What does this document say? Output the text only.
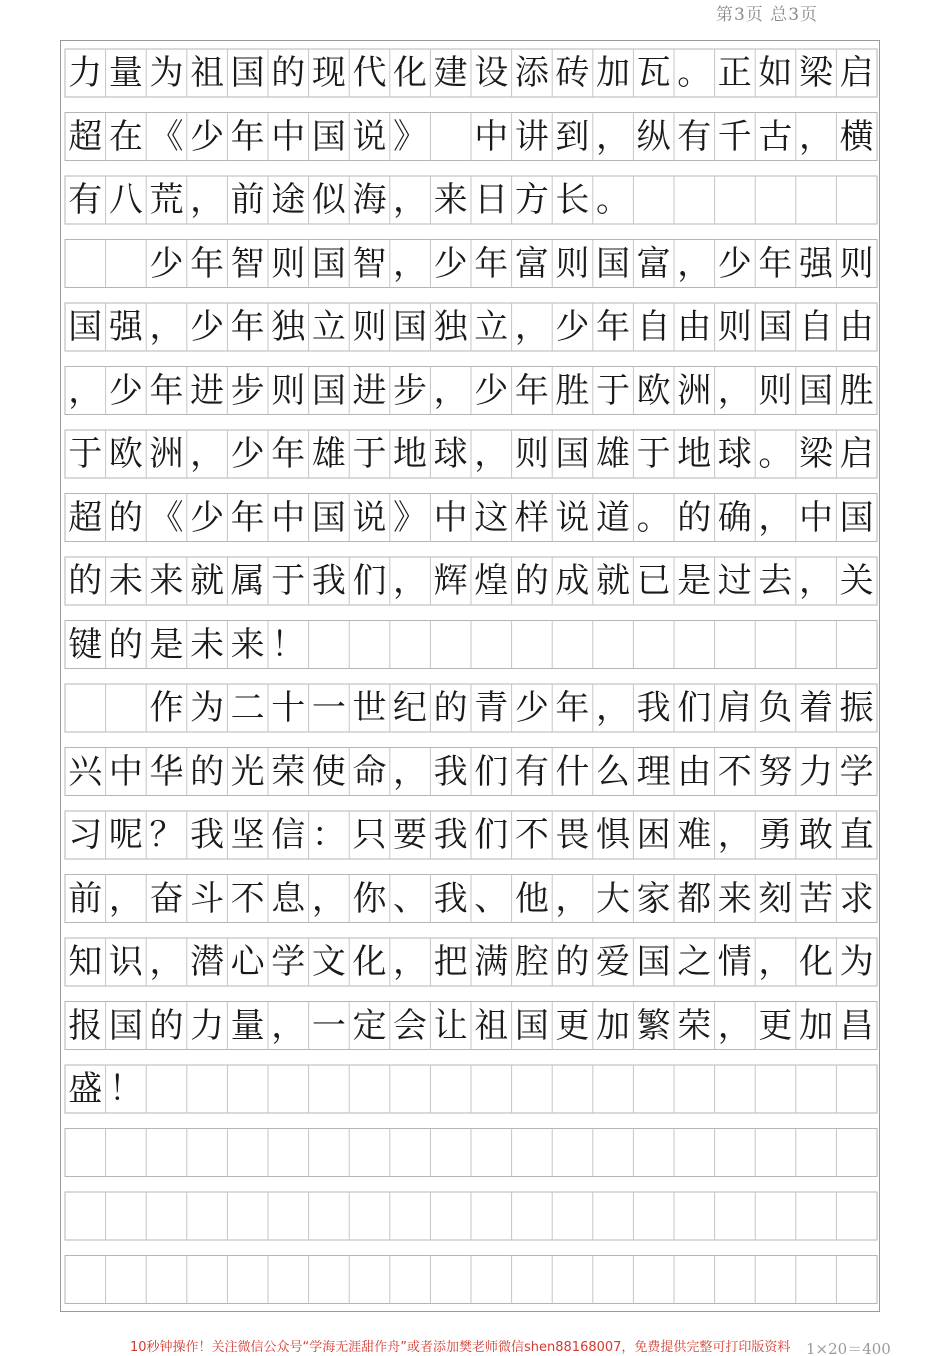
第3页 总3页
力 量 为 祖 国 的 现 代 化 建 设 添 砖 加 瓦 。 正 如 梁 启
超 在 《 少 年 中 国 说 》 中 讲 到 ， 纵 有 千 古 ， 横
有 八 荒 ， 前 途 似 海 ， 来 日 方 长 。
少 年 智 则 国 智 ， 少 年 富 则 国 富 ， 少 年 强 则
国 强 ， 少 年 独 立 则 国 独 立 ， 少 年 自 由 则 国 自 由
， 少 年 进 步 则 国 进 步 ， 少 年 胜 于 欧 洲 ， 则 国 胜
于 欧 洲 ， 少 年 雄 于 地 球 ， 则 国 雄 于 地 球 。 梁 启
超 的 《 少 年 中 国 说 》 中 这 样 说 道 。 的 确 ， 中 国
的 未 来 就 属 于 我 们 ， 辉 煌 的 成 就 已 是 过 去 ， 关
键 的 是 未 来 ！
作 为 二 十 一 世 纪 的 青 少 年 ， 我 们 肩 负 着 振
兴 中 华 的 光 荣 使 命 ， 我 们 有 什 么 理 由 不 努 力 学
习 呢 ？ 我 坚 信 ： 只 要 我 们 不 畏 惧 困 难 ， 勇 敢 直
前 ， 奋 斗 不 息 ， 你 、 我 、 他 ， 大 家 都 来 刻 苦 求
知 识 ， 潜 心 学 文 化 ， 把 满 腔 的 爱 国 之 情 ， 化 为
报 国 的 力 量 ， 一 定 会 让 祖 国 更 加 繁 荣 ， 更 加 昌
盛 ！
10秒钟操作！关注微信公众号“学海无涯甜作舟”或者添加樊老师微信shen88168007，免费提供完整可打印版资料 1×20＝400
